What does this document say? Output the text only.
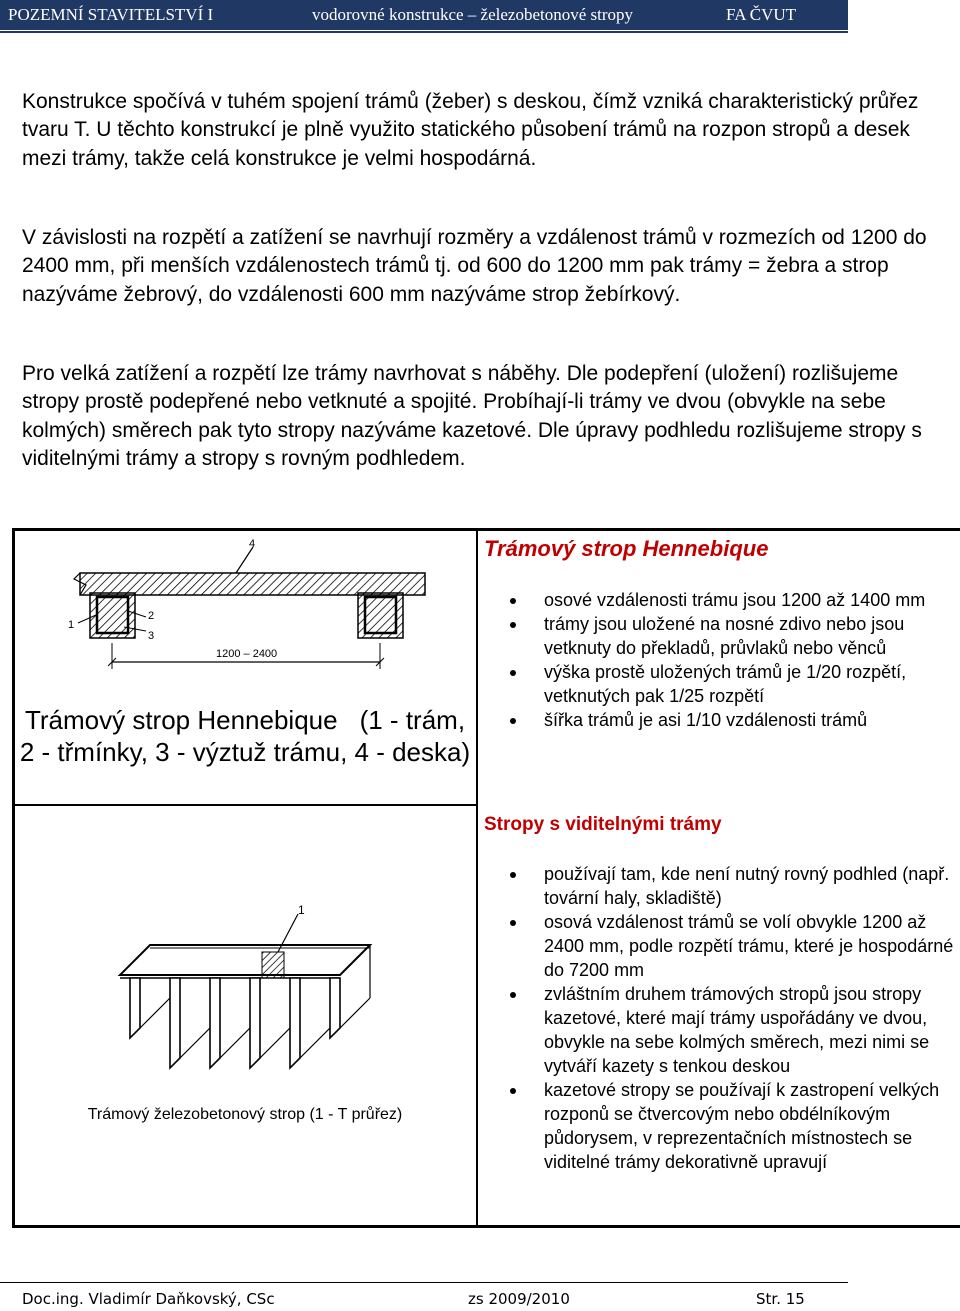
POZEMNÍ STAVITELSTVÍ I	vodorovné konstrukce – železobetonové stropy	FA ČVUT

Konstrukce spočívá v tuhém spojení trámů (žeber) s deskou, čímž vzniká charakteristický průřez tvaru T. U těchto konstrukcí je plně využito statického působení trámů na rozpon stropů a desek mezi trámy, takže celá konstrukce je velmi hospodárná.

V závislosti na rozpětí a zatížení se navrhují rozměry a vzdálenost trámů v rozmezích od 1200 do 2400 mm, při menších vzdálenostech trámů tj. od 600 do 1200 mm pak trámy = žebra a strop nazýváme žebrový, do vzdálenosti 600 mm nazýváme strop žebírkový.

Pro velká zatížení a rozpětí lze trámy navrhovat s náběhy. Dle podepření (uložení) rozlišujeme stropy prostě podepřené nebo vetknuté a spojité. Probíhají-li trámy ve dvou (obvykle na sebe kolmých) směrech pak tyto stropy nazýváme kazetové. Dle úpravy podhledu rozlišujeme stropy s viditelnými trámy a stropy s rovným podhledem.

4
1
2
3
1200 – 2400
Trámový strop Hennebique (1 - trám, 2 - třmínky, 3 - výztuž trámu, 4 - deska)
1
Trámový železobetonový strop (1 - T průřez)

Trámový strop Hennebique

osové vzdálenosti trámu jsou 1200 až 1400 mm
trámy jsou uložené na nosné zdivo nebo jsou vetknuty do překladů, průvlaků nebo věnců
výška prostě uložených trámů je 1/20 rozpětí, vetknutých pak 1/25 rozpětí
šířka trámů je asi 1/10 vzdálenosti trámů

Stropy s viditelnými trámy

používají tam, kde není nutný rovný podhled (např. tovární haly, skladiště)
osová vzdálenost trámů se volí obvykle 1200 až 2400 mm, podle rozpětí trámu, které je hospodárné do 7200 mm
zvláštním druhem trámových stropů jsou stropy kazetové, které mají trámy uspořádány ve dvou, obvykle na sebe kolmých směrech, mezi nimi se vytváří kazety s tenkou deskou
kazetové stropy se používají k zastropení velkých rozponů se čtvercovým nebo obdélníkovým půdorysem, v reprezentačních místnostech se viditelné trámy dekorativně upravují
Doc.ing. Vladimír Daňkovský, CSc	zs 2009/2010	Str. 15
